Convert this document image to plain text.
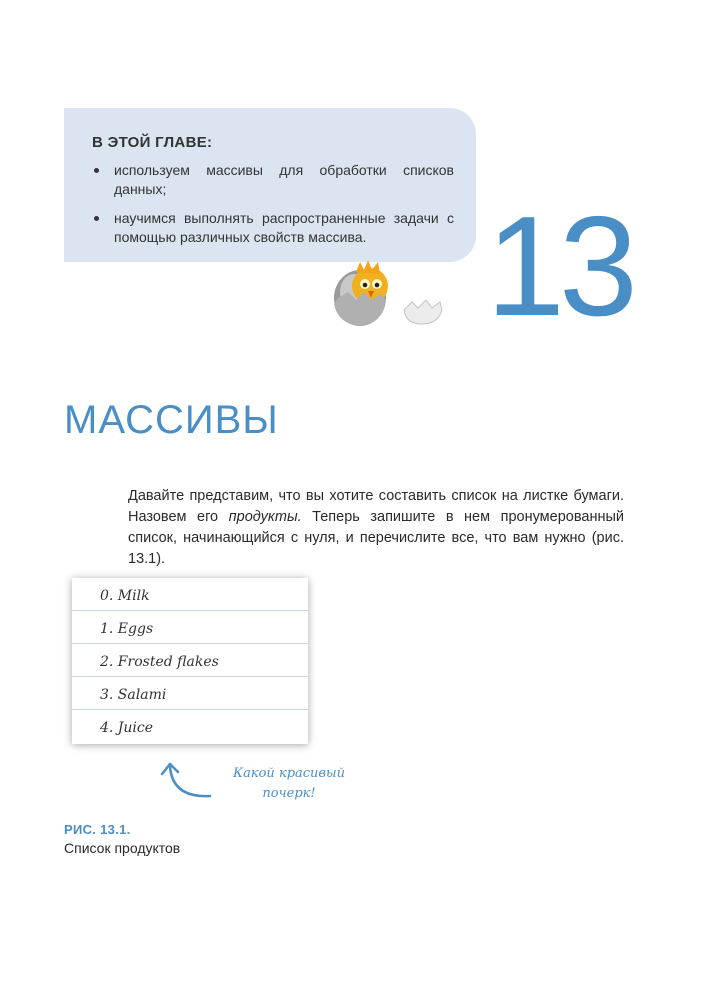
В ЭТОЙ ГЛАВЕ:
используем массивы для обработки списков данных;
научимся выполнять распространенные задачи с помощью различных свойств массива. 13
МАССИВЫ

Давайте представим, что вы хотите составить список на листке бумаги. Назовем его продукты. Теперь запишите в нем пронумерованный список, начинающийся с нуля, и перечислите все, что вам нужно (рис. 13.1).

0. Milk
1. Eggs
2. Frosted flakes
3. Salami
4. Juice
Какой красивый
почерк!
РИС. 13.1.
Список продуктов
